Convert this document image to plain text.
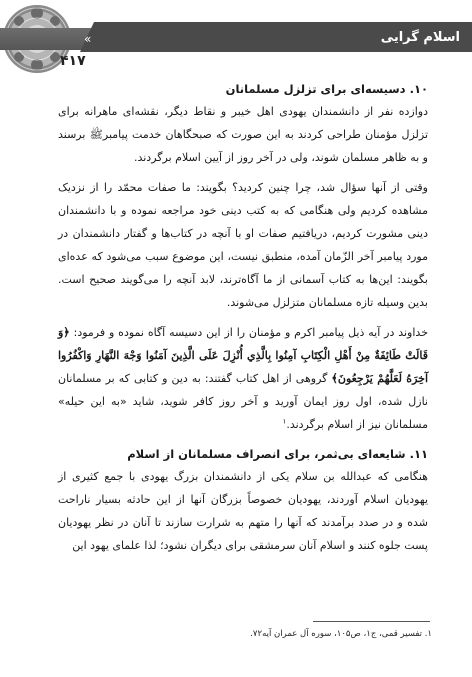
«	اسلام گرایی
۴۱۷
۱۰. دسیسه‌ای برای تزلزل مسلمانان

دوازده نفر از دانشمندان یهودی اهل خیبر و نقاط دیگر، نقشه‌ای ماهرانه برای تزلزل مؤمنان طراحی کردند به این صورت که صبحگاهان خدمت پیامبرﷺ برسند و به ظاهر مسلمان شوند، ولی در آخر روز از آیین اسلام برگردند.

وقتی از آنها سؤال شد، چرا چنین کردید؟ بگویند: ما صفات محمّد را از نزدیک مشاهده کردیم ولی هنگامی که به کتب دینی خود مراجعه نموده و با دانشمندان دینی مشورت کردیم، دریافتیم صفات او با آنچه در کتاب‌ها و گفتار دانشمندان در مورد پیامبر آخر الزّمان آمده، منطبق نیست، این موضوع سبب می‌شود که عده‌ای بگویند: این‌ها به کتاب آسمانی از ما آگاه‌ترند، لابد آنچه را می‌گویند صحیح است. بدین وسیله تازه مسلمانان متزلزل می‌شوند.

خداوند در آیه ذیل پیامبر اکرم و مؤمنان را از این دسیسه آگاه نموده و فرمود: ﴿وَ قَالَتْ طَائِفَةٌ مِنْ أَهْلِ الْكِتَابِ آمِنُوا بِالَّذِي أُنْزِلَ عَلَى الَّذِينَ آمَنُوا وَجْهَ النَّهَارِ وَاكْفُرُوا آخِرَهُ لَعَلَّهُمْ يَرْجِعُونَ﴾ گروهی از اهل کتاب گفتند: به دین و کتابی که بر مسلمانان نازل شده، اول روز ایمان آورید و آخر روز کافر شوید، شاید «به این حیله» مسلمانان نیز از اسلام برگردند.$^۱$

۱۱. شایعه‌ای بی‌ثمر، برای انصراف مسلمانان از اسلام

هنگامی که عبدالله بن سلام یکی از دانشمندان بزرگ یهودی با جمع کثیری از یهودیان اسلام آوردند، یهودیان خصوصاً بزرگان آنها از این حادثه بسیار ناراحت شده و در صدد برآمدند که آنها را متهم به شرارت سازند تا آنان در نظر یهودیان پست جلوه کنند و اسلام آنان سرمشقی برای دیگران نشود؛ لذا علمای یهود این

۱. تفسیر قمی، ج۱، ص۱۰۵، سوره آل عمران آیه۷۲.
